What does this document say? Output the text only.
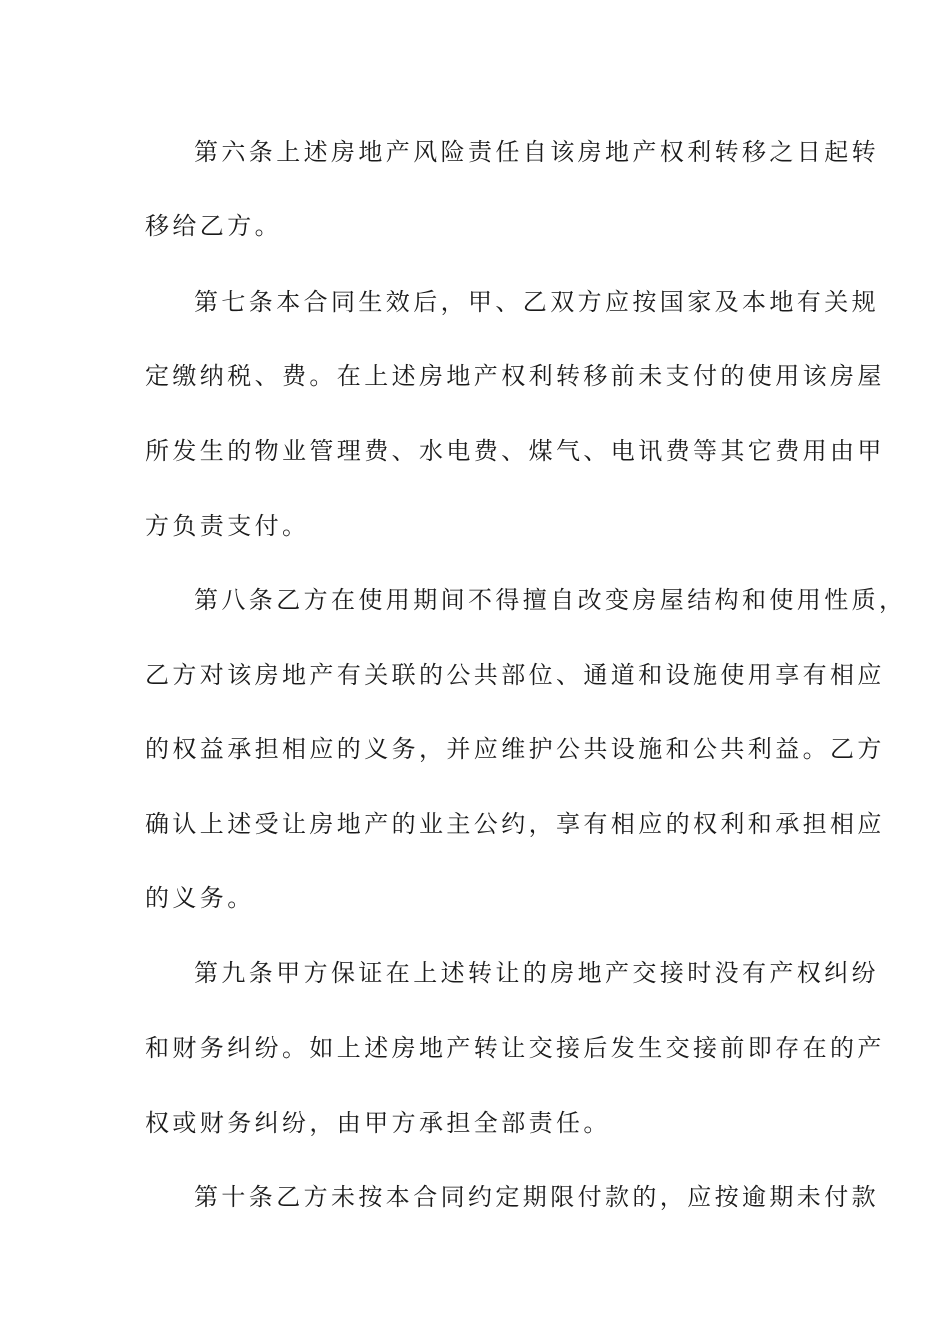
第六条上述房地产风险责任自该房地产权利转移之日起转
移给乙方。
第七条本合同生效后，甲、乙双方应按国家及本地有关规
定缴纳税、费。在上述房地产权利转移前未支付的使用该房屋
所发生的物业管理费、水电费、煤气、电讯费等其它费用由甲
方负责支付。
第八条乙方在使用期间不得擅自改变房屋结构和使用性质，
乙方对该房地产有关联的公共部位、通道和设施使用享有相应
的权益承担相应的义务，并应维护公共设施和公共利益。乙方
确认上述受让房地产的业主公约，享有相应的权利和承担相应
的义务。
第九条甲方保证在上述转让的房地产交接时没有产权纠纷
和财务纠纷。如上述房地产转让交接后发生交接前即存在的产
权或财务纠纷，由甲方承担全部责任。
第十条乙方未按本合同约定期限付款的，应按逾期未付款
